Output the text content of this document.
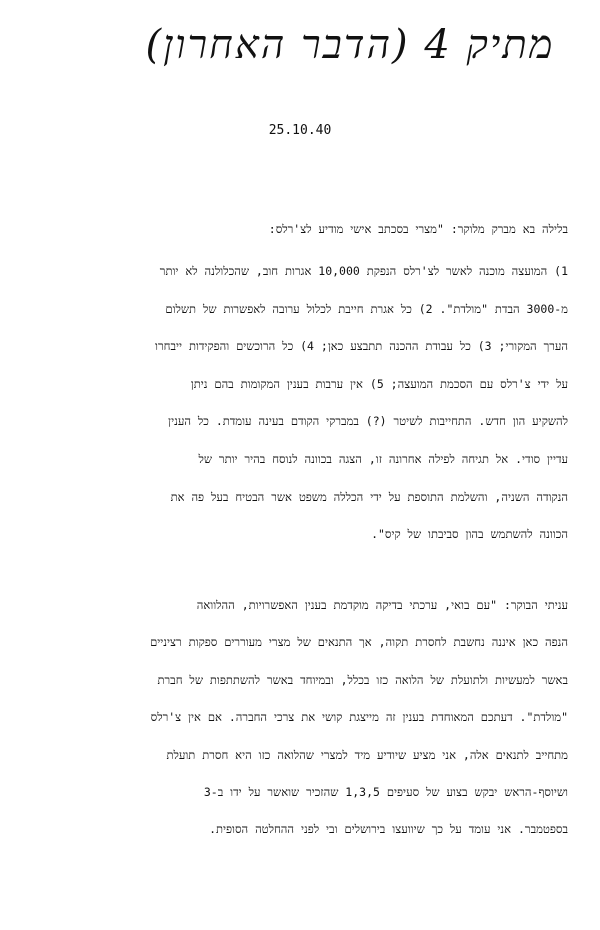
מתיק 4 (הדבר האחרון)
25.10.40
בלילה בא מברק מלוקר: "מצרי בסכתב אישי מודיע לצ'רלס:
1) המועצה מוכנה לאשר לצ'רלס הנפקת 10,000 אגרות חוב, שהכלולנה לא יותר
מ-3000 הבדת "מולדת". 2) כל אגרת חייבת לכלול ערובה לאפשרות של תשלום
הערך המקורי; 3) כל עבודת ההכנה תתבצע כאן; 4) כל הרוכשים והפקידות ייבחרו
על ידי צ'רלס עם הסכמת המועצה; 5) אין ערבות בענין המקומות בהם ניתן
להשקיע הון חדש. התחייבות לשיטר (?) במברקי הקודם בעינה עומדת. כל הענין
עדיין סודי. אל תגיחה לפילה אחרונה זו, הצגה בכוונה לנוסח בהיר יותר של
הנקודה השניה, והשלמת התוספת על ידי הכללה משפט אשר הבטיח בעל פה את
הכוונה להשתמש בהון סביבתו של קיס".
עניתי הבוקר: "עם בואי, ערכתי בדיקה מוקדמת בענין האפשרויות, ההלוואה
הנפה כאן איננה נחשבת לחסרת תקוה, אך התנאים של מצרי מעוררים ספקות רציניים
באשר למעשיות ולתועלת של הלואה כזו בכלל, ובמיוחד באשר להשתתפות של חברת
"מולדת". דעתכם המאוחדת בענין זה מייצגת קושי את צרכי החברה. אם אין צ'רלס
מתחייב לתנאים אלה, אני מציע שיודיע מיד למצרי שהלואה כזו היא חסרת תועלת
ושיוסף-הראש יבקש בצוע של סעיפים 1,3,5 שהזכיר שואשר על ידו ב-3
בספטמבר. אני עומד על כך שיוועצו בירושלים ובי לפני ההחלטה הסופית.
